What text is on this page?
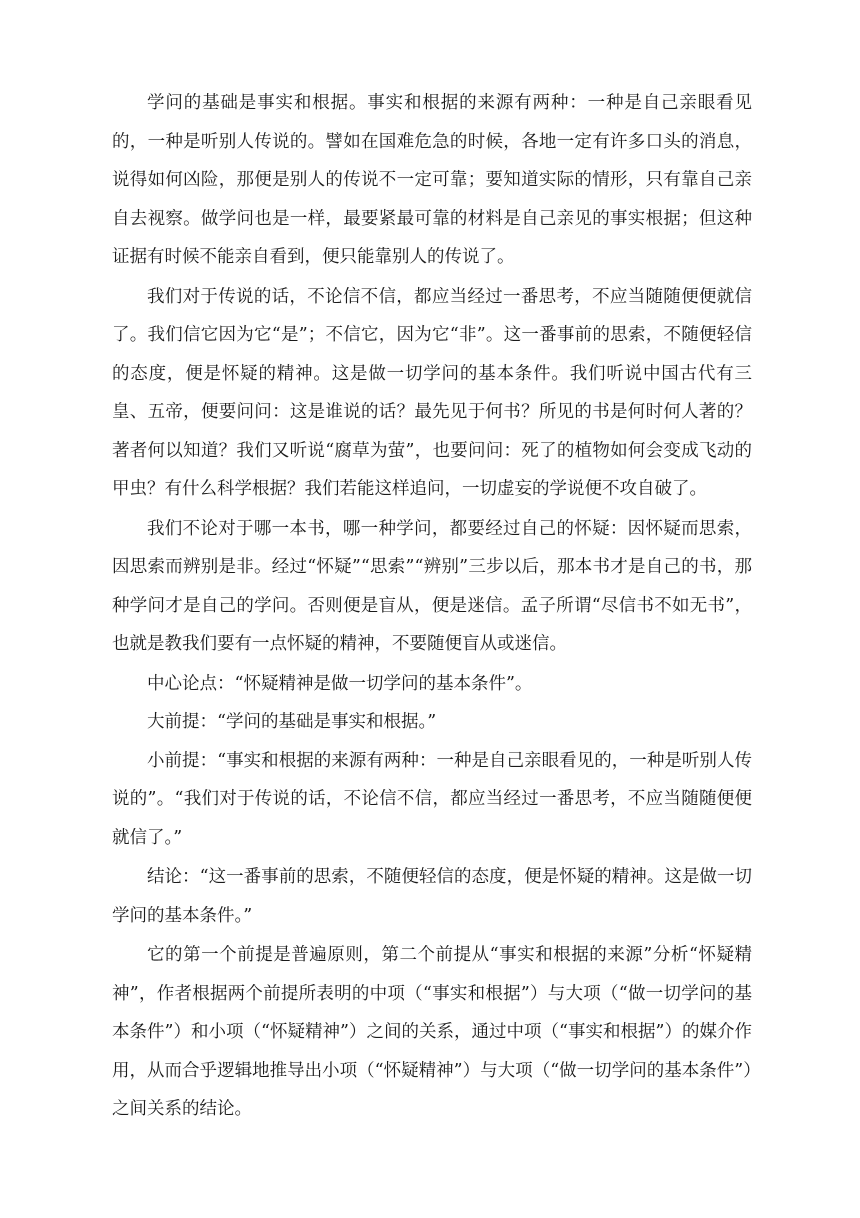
学问的基础是事实和根据。事实和根据的来源有两种：一种是自己亲眼看见的，一种是听别人传说的。譬如在国难危急的时候，各地一定有许多口头的消息，说得如何凶险，那便是别人的传说不一定可靠；要知道实际的情形，只有靠自己亲自去视察。做学问也是一样，最要紧最可靠的材料是自己亲见的事实根据；但这种证据有时候不能亲自看到，便只能靠别人的传说了。

我们对于传说的话，不论信不信，都应当经过一番思考，不应当随随便便就信了。我们信它因为它“是”；不信它，因为它“非”。这一番事前的思索，不随便轻信的态度，便是怀疑的精神。这是做一切学问的基本条件。我们听说中国古代有三皇、五帝，便要问问：这是谁说的话？最先见于何书？所见的书是何时何人著的？著者何以知道？我们又听说“腐草为萤”，也要问问：死了的植物如何会变成飞动的甲虫？有什么科学根据？我们若能这样追问，一切虚妄的学说便不攻自破了。

我们不论对于哪一本书，哪一种学问，都要经过自己的怀疑：因怀疑而思索，因思索而辨别是非。经过“怀疑”“思索”“辨别”三步以后，那本书才是自己的书，那种学问才是自己的学问。否则便是盲从，便是迷信。孟子所谓“尽信书不如无书”，也就是教我们要有一点怀疑的精神，不要随便盲从或迷信。

中心论点：“怀疑精神是做一切学问的基本条件”。

大前提：“学问的基础是事实和根据。”

小前提：“事实和根据的来源有两种：一种是自己亲眼看见的，一种是听别人传说的”。“我们对于传说的话，不论信不信，都应当经过一番思考，不应当随随便便就信了。”

结论：“这一番事前的思索，不随便轻信的态度，便是怀疑的精神。这是做一切学问的基本条件。”

它的第一个前提是普遍原则，第二个前提从“事实和根据的来源”分析“怀疑精神”，作者根据两个前提所表明的中项（“事实和根据”）与大项（“做一切学问的基本条件”）和小项（“怀疑精神”）之间的关系，通过中项（“事实和根据”）的媒介作用，从而合乎逻辑地推导出小项（“怀疑精神”）与大项（“做一切学问的基本条件”）之间关系的结论。
